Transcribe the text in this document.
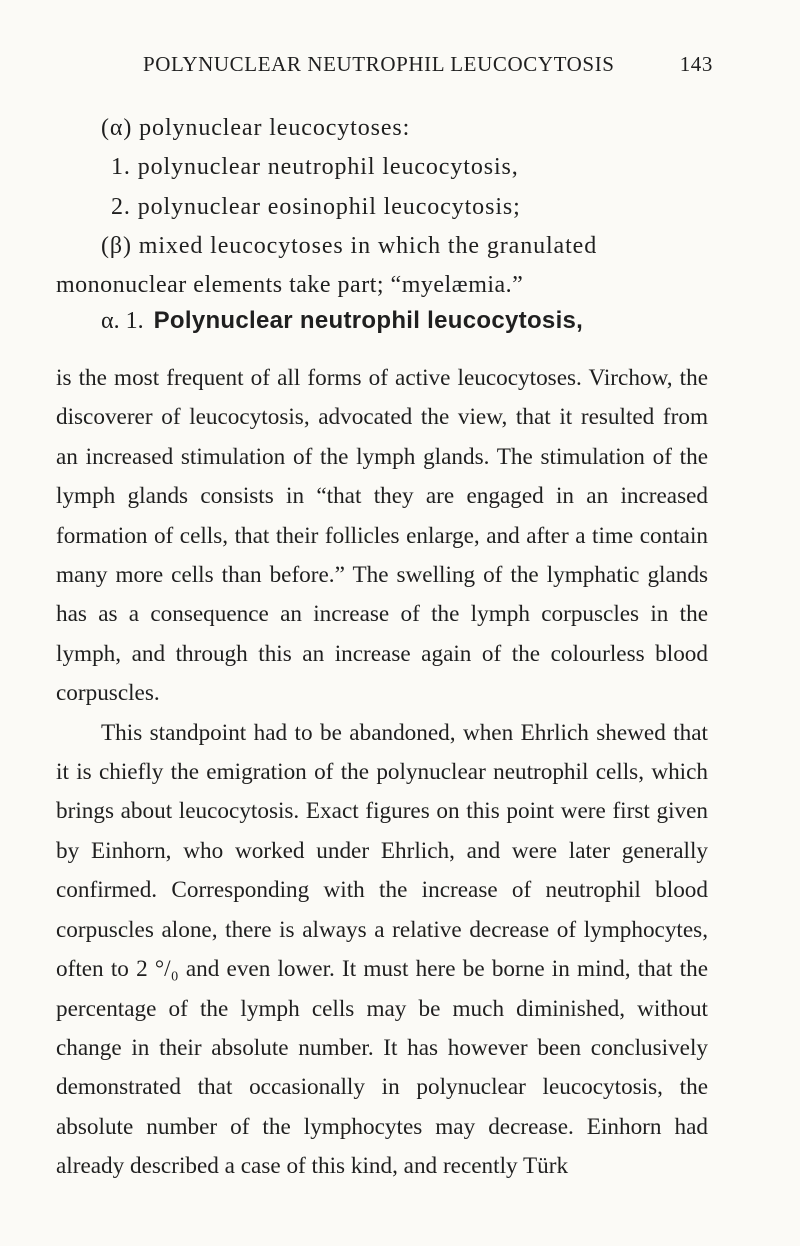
POLYNUCLEAR NEUTROPHIL LEUCOCYTOSIS	143
(α) polynuclear leucocytoses:
1. polynuclear neutrophil leucocytosis,
2. polynuclear eosinophil leucocytosis;
(β) mixed leucocytoses in which the granulated
mononuclear elements take part; “myelæmia.”
α. 1. Polynuclear neutrophil leucocytosis,

is the most frequent of all forms of active leucocytoses. Virchow, the discoverer of leucocytosis, advocated the view, that it resulted from an increased stimulation of the lymph glands. The stimulation of the lymph glands consists in “that they are engaged in an increased formation of cells, that their follicles enlarge, and after a time contain many more cells than before.” The swelling of the lymphatic glands has as a consequence an increase of the lymph corpuscles in the lymph, and through this an increase again of the colourless blood corpuscles.

This standpoint had to be abandoned, when Ehrlich shewed that it is chiefly the emigration of the polynuclear neutrophil cells, which brings about leucocytosis. Exact figures on this point were first given by Einhorn, who worked under Ehrlich, and were later generally confirmed. Corresponding with the increase of neutrophil blood corpuscles alone, there is always a relative decrease of lymphocytes, often to 2 °/₀ and even lower. It must here be borne in mind, that the percentage of the lymph cells may be much diminished, without change in their absolute number. It has however been conclusively demonstrated that occasionally in polynuclear leucocytosis, the absolute number of the lymphocytes may decrease. Einhorn had already described a case of this kind, and recently Türk
